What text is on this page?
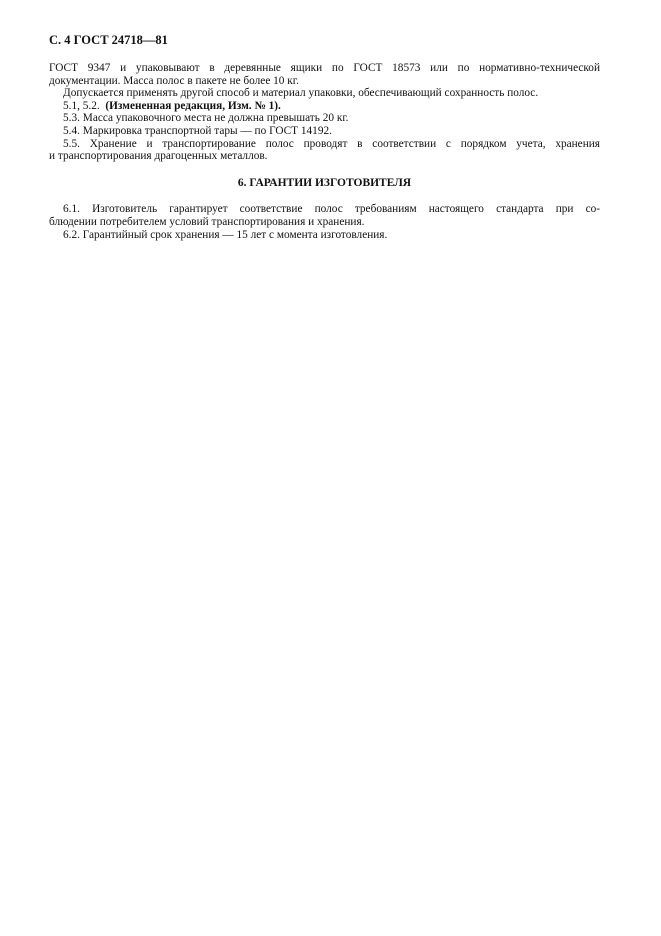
С. 4 ГОСТ 24718—81
ГОСТ 9347 и упаковывают в деревянные ящики по ГОСТ 18573 или по нормативно-технической
документации. Масса полос в пакете не более 10 кг.
Допускается применять другой способ и материал упаковки, обеспечивающий сохранность полос.
5.1, 5.2. (Измененная редакция, Изм. № 1).
5.3. Масса упаковочного места не должна превышать 20 кг.
5.4. Маркировка транспортной тары — по ГОСТ 14192.
5.5. Хранение и транспортирование полос проводят в соответствии с порядком учета, хранения
и транспортирования драгоценных металлов.
6. ГАРАНТИИ ИЗГОТОВИТЕЛЯ
6.1. Изготовитель гарантирует соответствие полос требованиям настоящего стандарта при со-
блюдении потребителем условий транспортирования и хранения.
6.2. Гарантийный срок хранения — 15 лет с момента изготовления.
